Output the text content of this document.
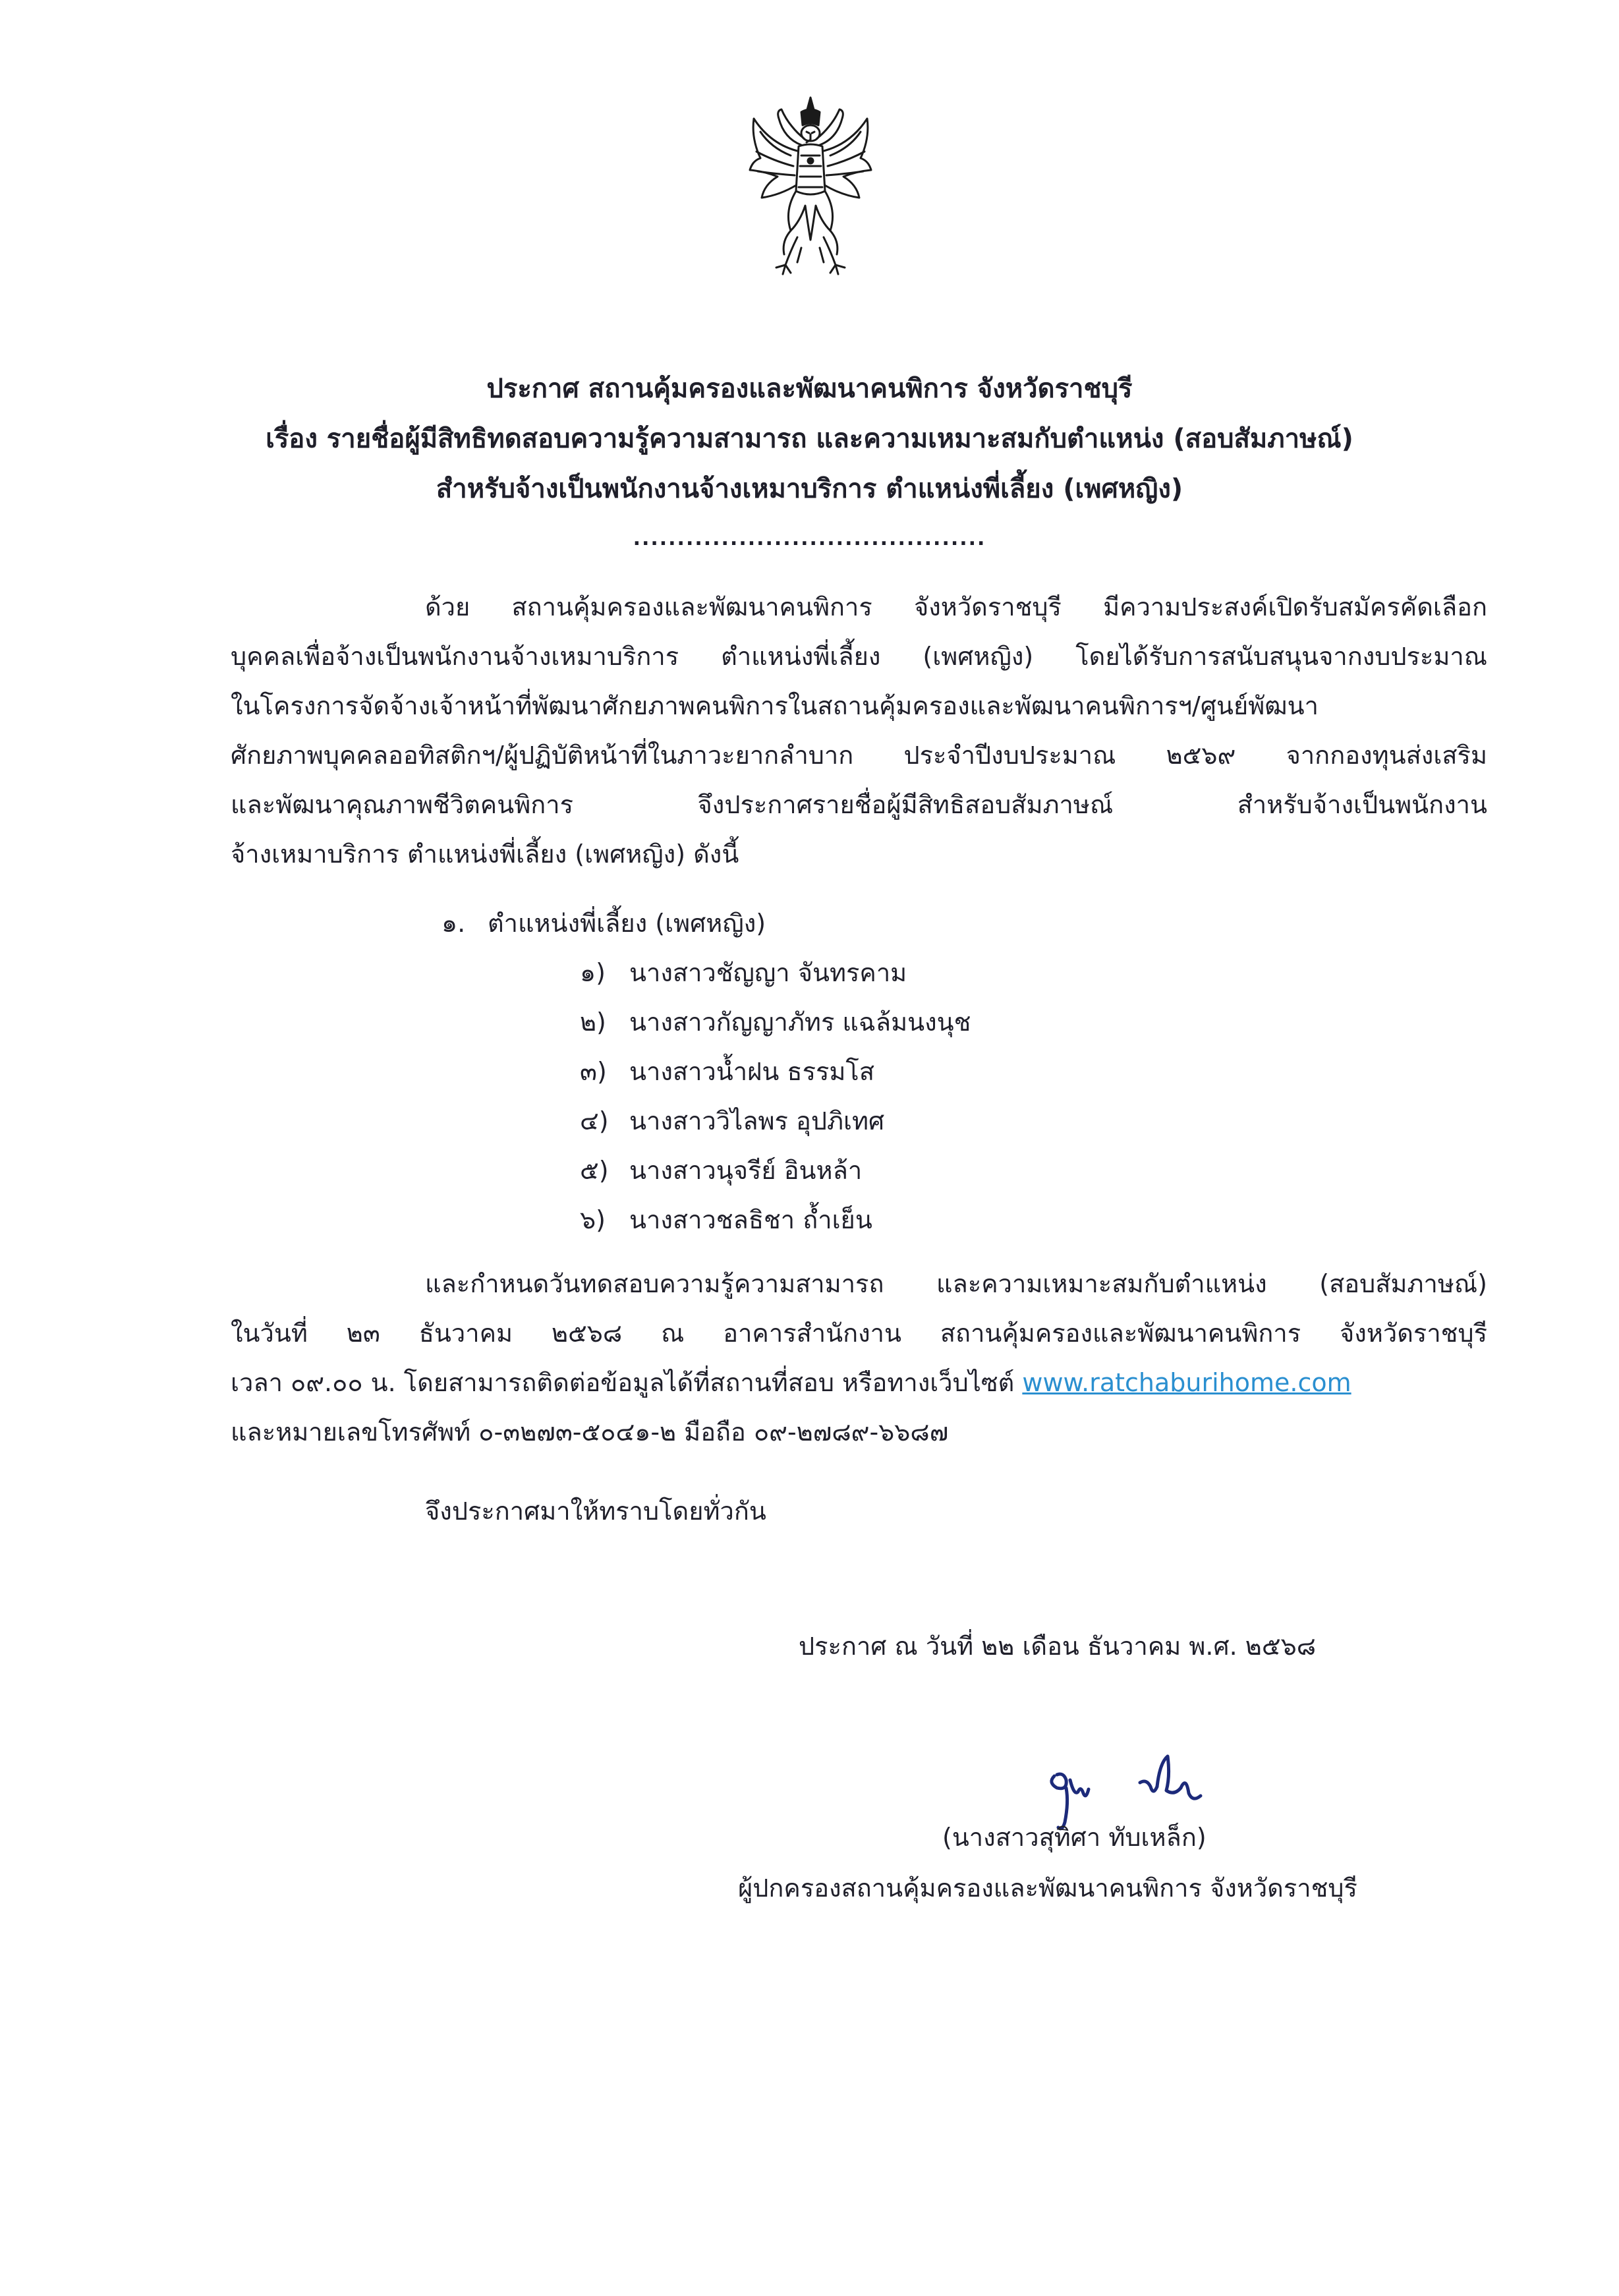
ประกาศ สถานคุ้มครองและพัฒนาคนพิการ จังหวัดราชบุรี
เรื่อง รายชื่อผู้มีสิทธิทดสอบความรู้ความสามารถ และความเหมาะสมกับตำแหน่ง (สอบสัมภาษณ์)
สำหรับจ้างเป็นพนักงานจ้างเหมาบริการ ตำแหน่งพี่เลี้ยง (เพศหญิง)
........................................
ด้วย สถานคุ้มครองและพัฒนาคนพิการ จังหวัดราชบุรี มีความประสงค์เปิดรับสมัครคัดเลือก
บุคคลเพื่อจ้างเป็นพนักงานจ้างเหมาบริการ ตำแหน่งพี่เลี้ยง (เพศหญิง) โดยได้รับการสนับสนุนจากงบประมาณ
ในโครงการจัดจ้างเจ้าหน้าที่พัฒนาศักยภาพคนพิการในสถานคุ้มครองและพัฒนาคนพิการฯ/ศูนย์พัฒนา
ศักยภาพบุคคลออทิสติกฯ/ผู้ปฏิบัติหน้าที่ในภาวะยากลำบาก ประจำปีงบประมาณ ๒๕๖๙ จากกองทุนส่งเสริม
และพัฒนาคุณภาพชีวิตคนพิการ จึงประกาศรายชื่อผู้มีสิทธิสอบสัมภาษณ์ สำหรับจ้างเป็นพนักงาน
จ้างเหมาบริการ ตำแหน่งพี่เลี้ยง (เพศหญิง) ดังนี้
๑. ตำแหน่งพี่เลี้ยง (เพศหญิง)
๑) นางสาวชัญญา จันทรคาม
๒) นางสาวกัญญาภัทร แฉล้มนงนุช
๓) นางสาวน้ำฝน ธรรมโส
๔) นางสาววิไลพร อุปภิเทศ
๕) นางสาวนุจรีย์ อินหล้า
๖) นางสาวชลธิชา ถ้ำเย็น
และกำหนดวันทดสอบความรู้ความสามารถ และความเหมาะสมกับตำแหน่ง (สอบสัมภาษณ์)
ในวันที่ ๒๓ ธันวาคม ๒๕๖๘ ณ อาคารสำนักงาน สถานคุ้มครองและพัฒนาคนพิการ จังหวัดราชบุรี
เวลา ๐๙.๐๐ น. โดยสามารถติดต่อข้อมูลได้ที่สถานที่สอบ หรือทางเว็บไซต์ www.ratchaburihome.com
และหมายเลขโทรศัพท์ ๐-๓๒๗๓-๕๐๔๑-๒ มือถือ ๐๙-๒๗๘๙-๖๖๘๗
จึงประกาศมาให้ทราบโดยทั่วกัน
ประกาศ ณ วันที่ ๒๒ เดือน ธันวาคม พ.ศ. ๒๕๖๘
(นางสาวสุทิศา ทับเหล็ก)
ผู้ปกครองสถานคุ้มครองและพัฒนาคนพิการ จังหวัดราชบุรี
